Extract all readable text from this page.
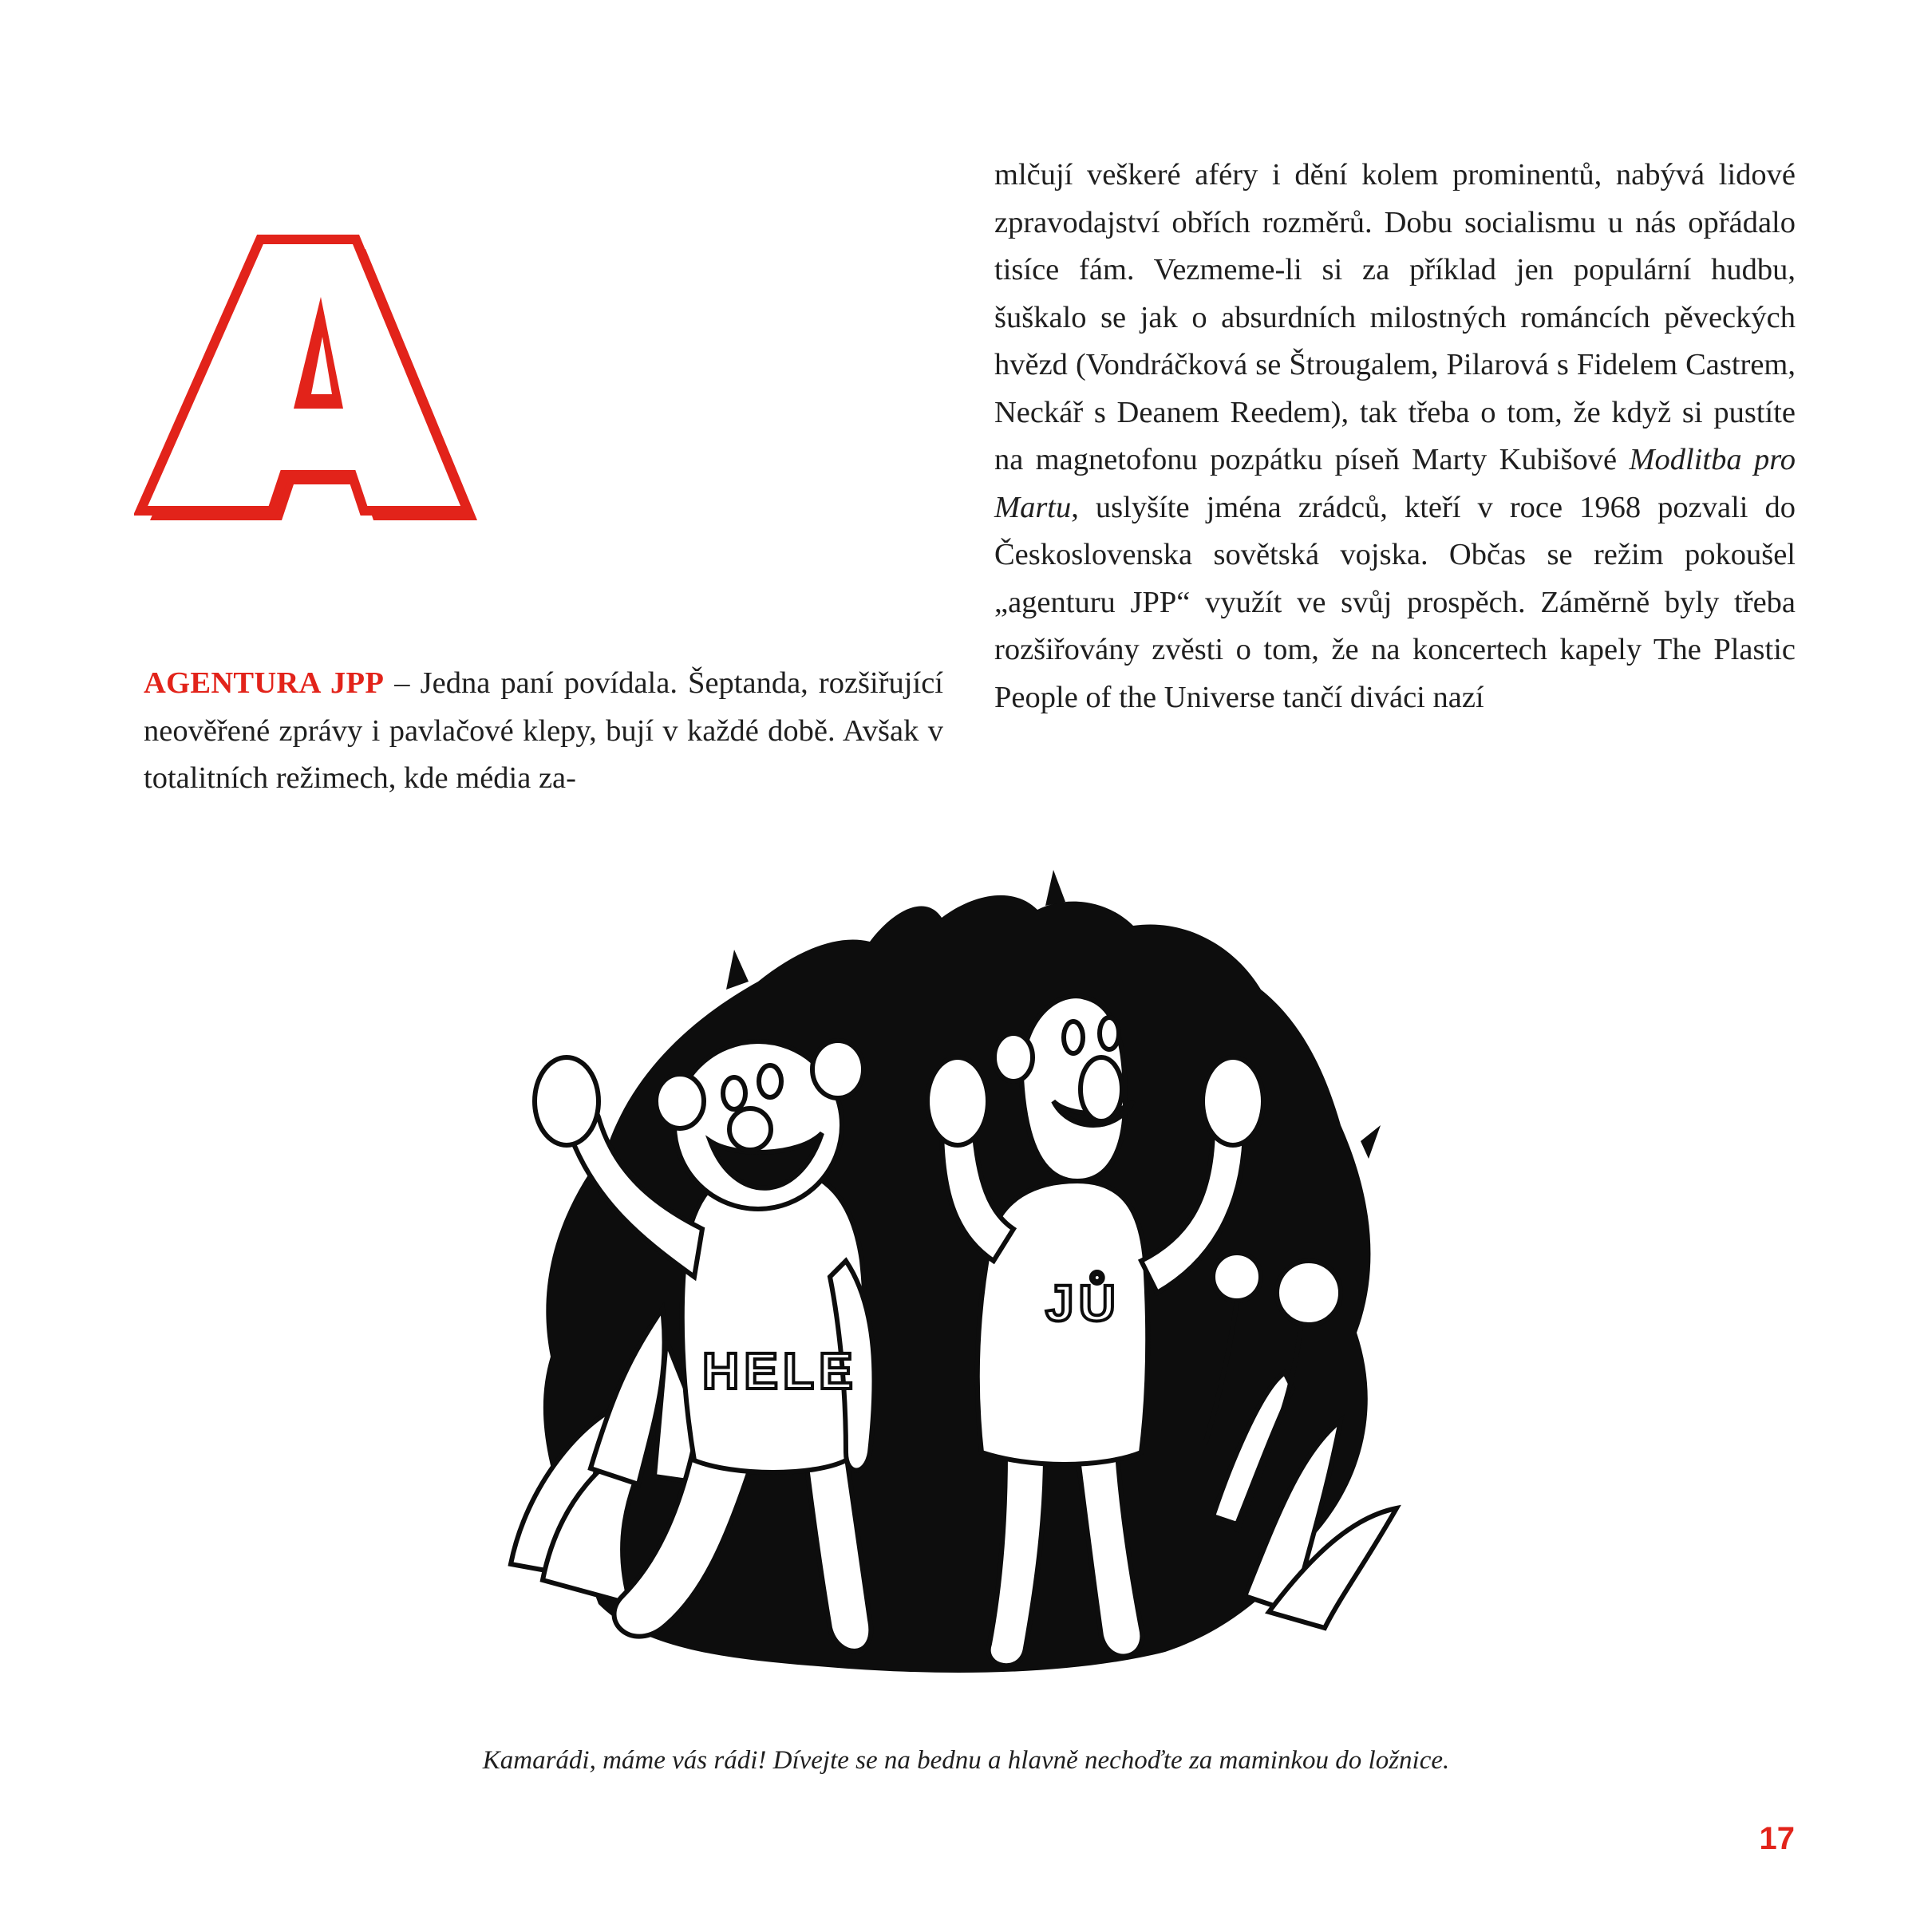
AGENTURA JPP – Jedna paní povídala. Šeptanda, rozšiřující neověřené zprávy i pavlačové klepy, bují v každé době. Avšak v totalitních režimech, kde média za-

mlčují veškeré aféry i dění kolem prominentů, nabývá lidové zpravodajství obřích rozměrů. Dobu socialismu u nás opřádalo tisíce fám. Vezmeme-li si za příklad jen populární hudbu, šuškalo se jak o absurdních milostných románcích pěveckých hvězd (Vondráčková se Štrougalem, Pilarová s Fidelem Castrem, Neckář s Deanem Reedem), tak třeba o tom, že když si pustíte na magnetofonu pozpátku píseň Marty Kubišové Modlitba pro Martu, uslyšíte jména zrádců, kteří v roce 1968 pozvali do Československa sovětská vojska. Občas se režim pokoušel „agenturu JPP“ využít ve svůj prospěch. Záměrně byly třeba rozšiřovány zvěsti o tom, že na koncertech kapely The Plastic People of the Universe tančí diváci nazí

HELE
JŮ
Kamarádi, máme vás rádi! Dívejte se na bednu a hlavně nechoďte za maminkou do ložnice.
17
